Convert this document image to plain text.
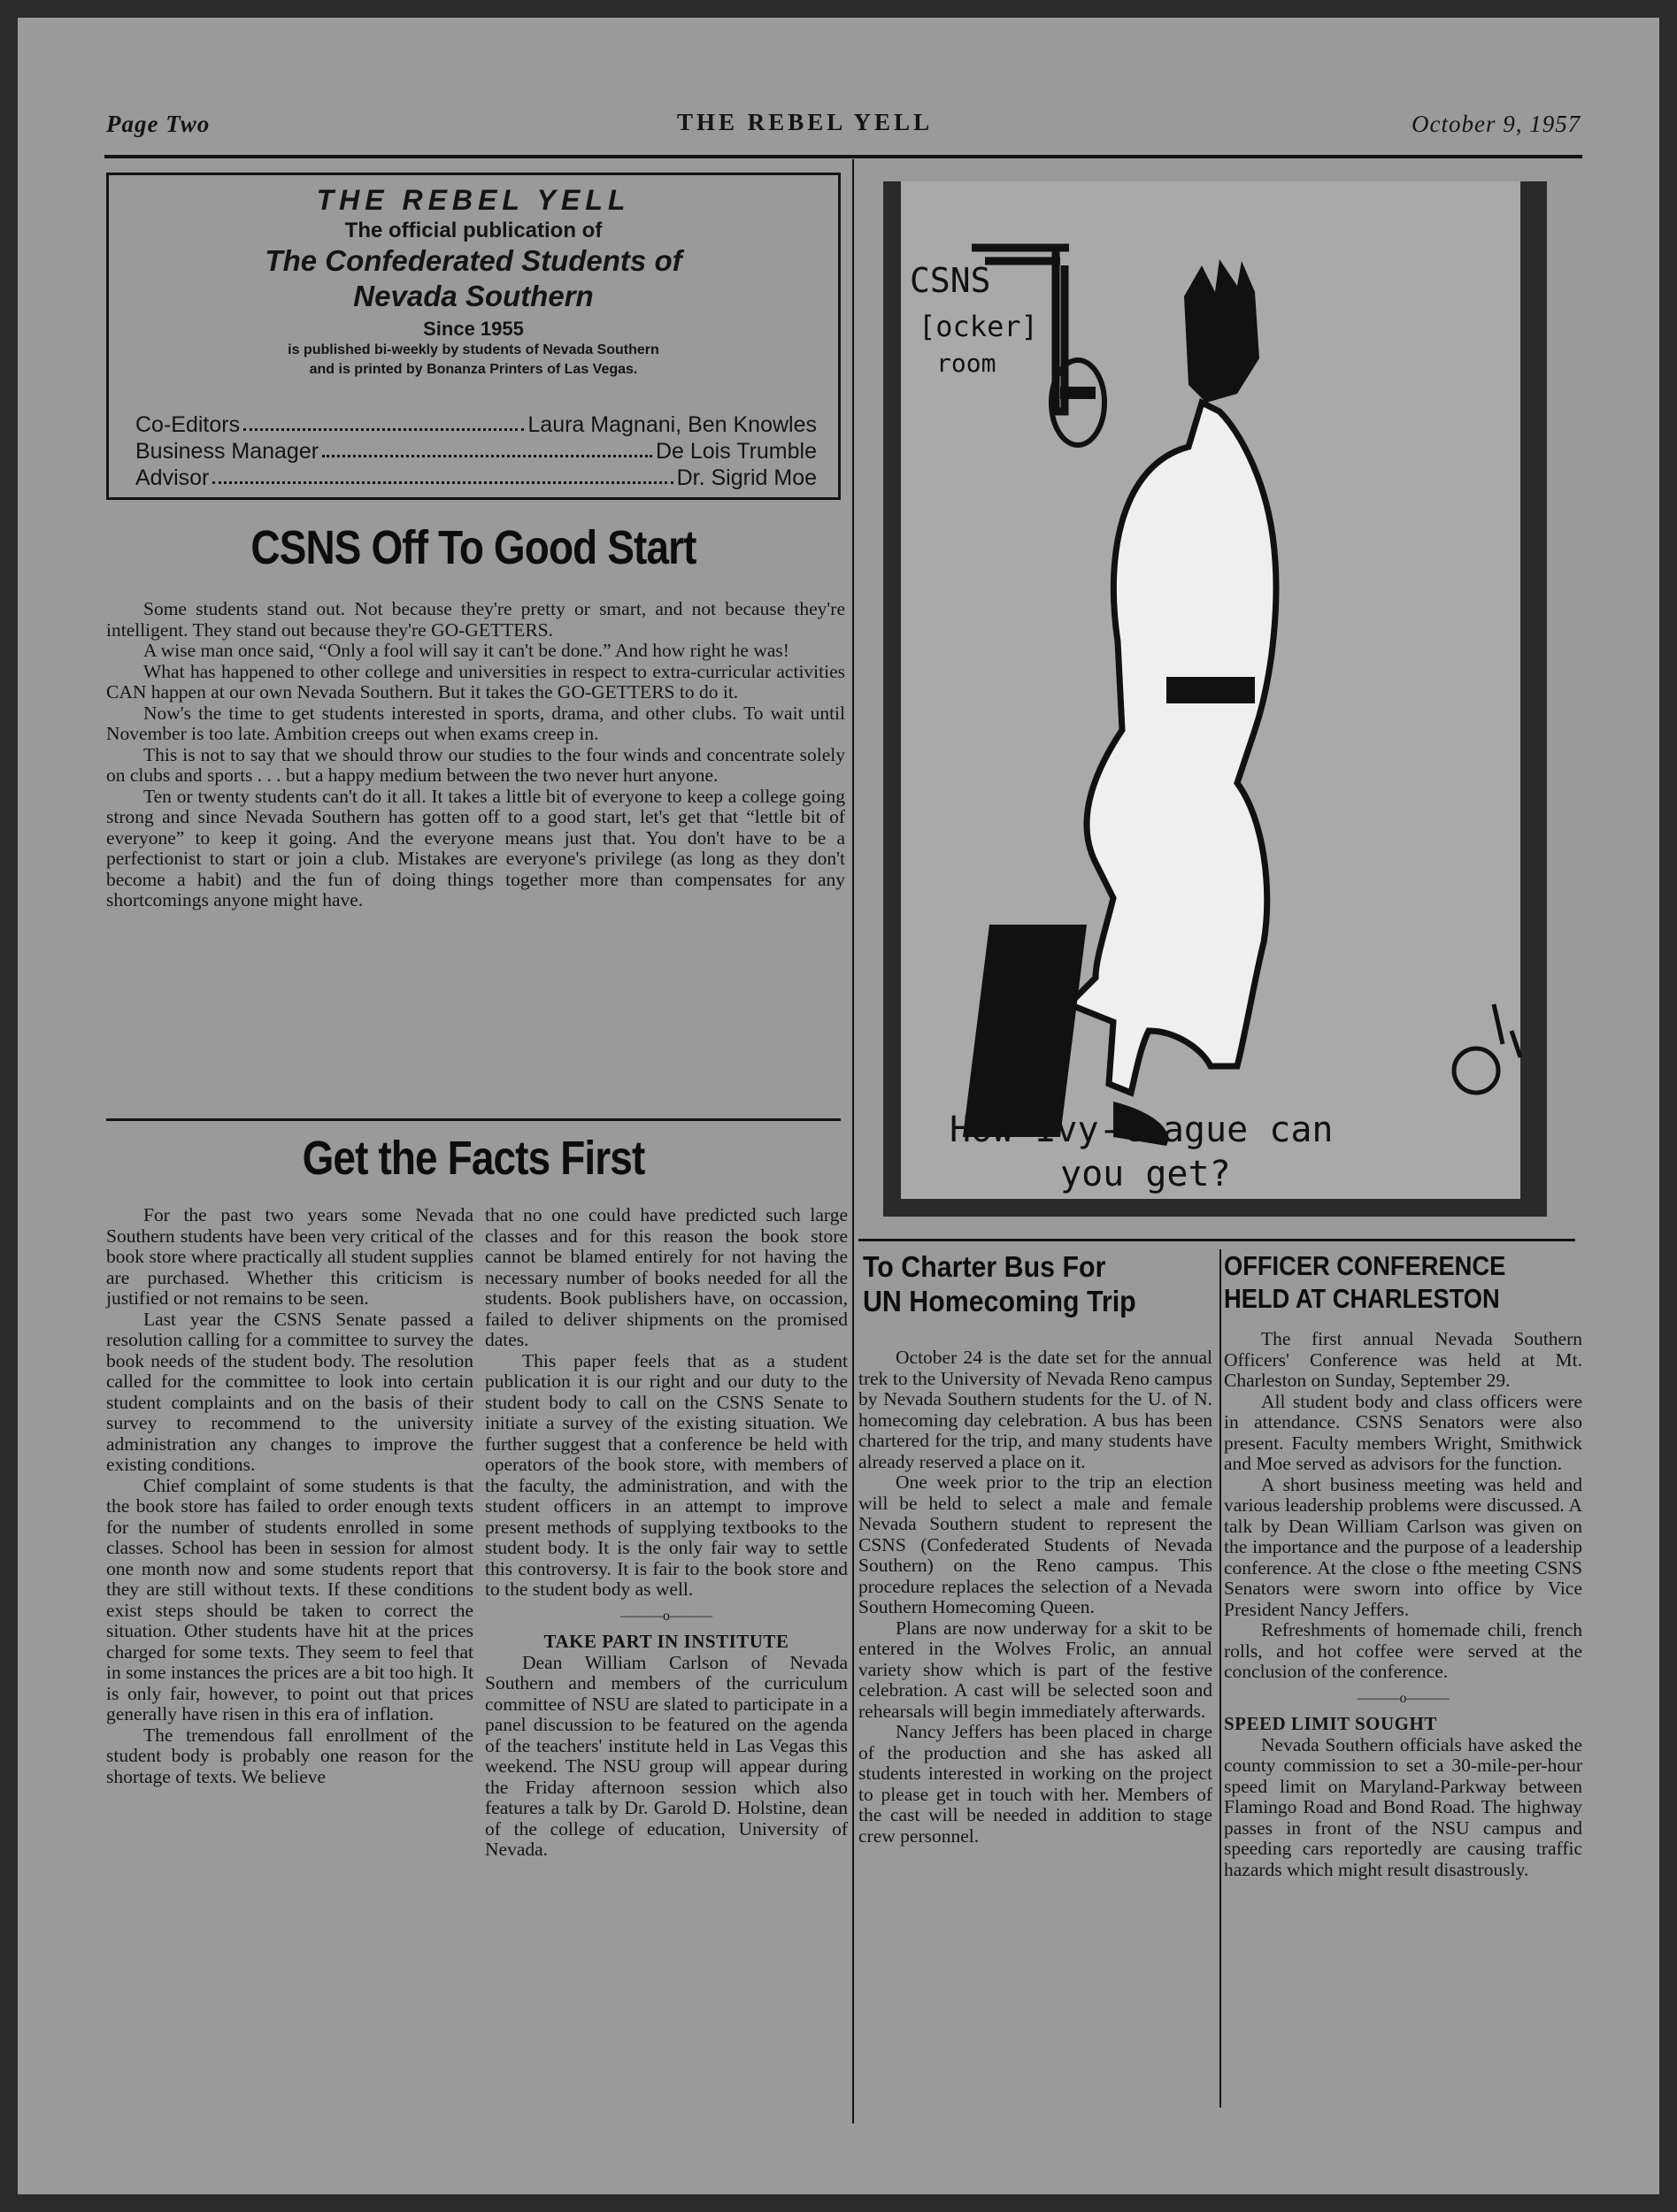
Page Two	THE REBEL YELL	October 9, 1957
THE REBEL YELL
The official publication of
The Confederated Students of
Nevada Southern
Since 1955
is published bi-weekly by students of Nevada Southern
and is printed by Bonanza Printers of Las Vegas.
Co-Editors	Laura Magnani, Ben Knowles
Business Manager	De Lois Trumble
Advisor	Dr. Sigrid Moe
CSNS Off To Good Start

Some students stand out. Not because they're pretty or smart, and not because they're intelligent. They stand out because they're GO-GETTERS.

A wise man once said, “Only a fool will say it can't be done.” And how right he was!

What has happened to other college and universities in respect to extra-curricular activities CAN happen at our own Nevada Southern. But it takes the GO-GETTERS to do it.

Now's the time to get students interested in sports, drama, and other clubs. To wait until November is too late. Ambition creeps out when exams creep in.

This is not to say that we should throw our studies to the four winds and concentrate solely on clubs and sports . . . but a happy medium between the two never hurt anyone.

Ten or twenty students can't do it all. It takes a little bit of everyone to keep a college going strong and since Nevada Southern has gotten off to a good start, let's get that “lettle bit of everyone” to keep it going. And the everyone means just that. You don't have to be a perfectionist to start or join a club. Mistakes are everyone's privilege (as long as they don't become a habit) and the fun of doing things together more than compensates for any shortcomings anyone might have.

Get the Facts First

For the past two years some Nevada Southern students have been very critical of the book store where practically all student supplies are purchased. Whether this criticism is justified or not remains to be seen.

Last year the CSNS Senate passed a resolution calling for a committee to survey the book needs of the student body. The resolution called for the committee to look into certain student complaints and on the basis of their survey to recommend to the university administration any changes to improve the existing conditions.

Chief complaint of some students is that the book store has failed to order enough texts for the number of students enrolled in some classes. School has been in session for almost one month now and some students report that they are still without texts. If these conditions exist steps should be taken to correct the situation. Other students have hit at the prices charged for some texts. They seem to feel that in some instances the prices are a bit too high. It is only fair, however, to point out that prices generally have risen in this era of inflation.

The tremendous fall enrollment of the student body is probably one reason for the shortage of texts. We believe

that no one could have predicted such large classes and for this reason the book store cannot be blamed entirely for not having the necessary number of books needed for all the students. Book publishers have, on occassion, failed to deliver shipments on the promised dates.

This paper feels that as a student publication it is our right and our duty to the student body to call on the CSNS Senate to initiate a survey of the existing situation. We further suggest that a conference be held with operators of the book store, with members of the faculty, the administration, and with the student officers in an attempt to improve present methods of supplying textbooks to the student body. It is the only fair way to settle this controversy. It is fair to the book store and to the student body as well.

———o———
TAKE PART IN INSTITUTE

Dean William Carlson of Nevada Southern and members of the curriculum committee of NSU are slated to participate in a panel discussion to be featured on the agenda of the teachers' institute held in Las Vegas this weekend. The NSU group will appear during the Friday afternoon session which also features a talk by Dr. Garold D. Holstine, dean of the college of education, University of Nevada.

CSNS
[ocker]
room
How Ivy-league can
you get?
To Charter Bus For
UN Homecoming Trip

October 24 is the date set for the annual trek to the University of Nevada Reno campus by Nevada Southern students for the U. of N. homecoming day celebration. A bus has been chartered for the trip, and many students have already reserved a place on it.

One week prior to the trip an election will be held to select a male and female Nevada Southern student to represent the CSNS (Confederated Students of Nevada Southern) on the Reno campus. This procedure replaces the selection of a Nevada Southern Homecoming Queen.

Plans are now underway for a skit to be entered in the Wolves Frolic, an annual variety show which is part of the festive celebration. A cast will be selected soon and rehearsals will begin immediately afterwards.

Nancy Jeffers has been placed in charge of the production and she has asked all students interested in working on the project to please get in touch with her. Members of the cast will be needed in addition to stage crew personnel.

OFFICER CONFERENCE
HELD AT CHARLESTON

The first annual Nevada Southern Officers' Conference was held at Mt. Charleston on Sunday, September 29.

All student body and class officers were in attendance. CSNS Senators were also present. Faculty members Wright, Smithwick and Moe served as advisors for the function.

A short business meeting was held and various leadership problems were discussed. A talk by Dean William Carlson was given on the importance and the purpose of a leadership conference. At the close o fthe meeting CSNS Senators were sworn into office by Vice President Nancy Jeffers.

Refreshments of homemade chili, french rolls, and hot coffee were served at the conclusion of the conference.

———o———
SPEED LIMIT SOUGHT

Nevada Southern officials have asked the county commission to set a 30-mile-per-hour speed limit on Maryland-Parkway between Flamingo Road and Bond Road. The highway passes in front of the NSU campus and speeding cars reportedly are causing traffic hazards which might result disastrously.
